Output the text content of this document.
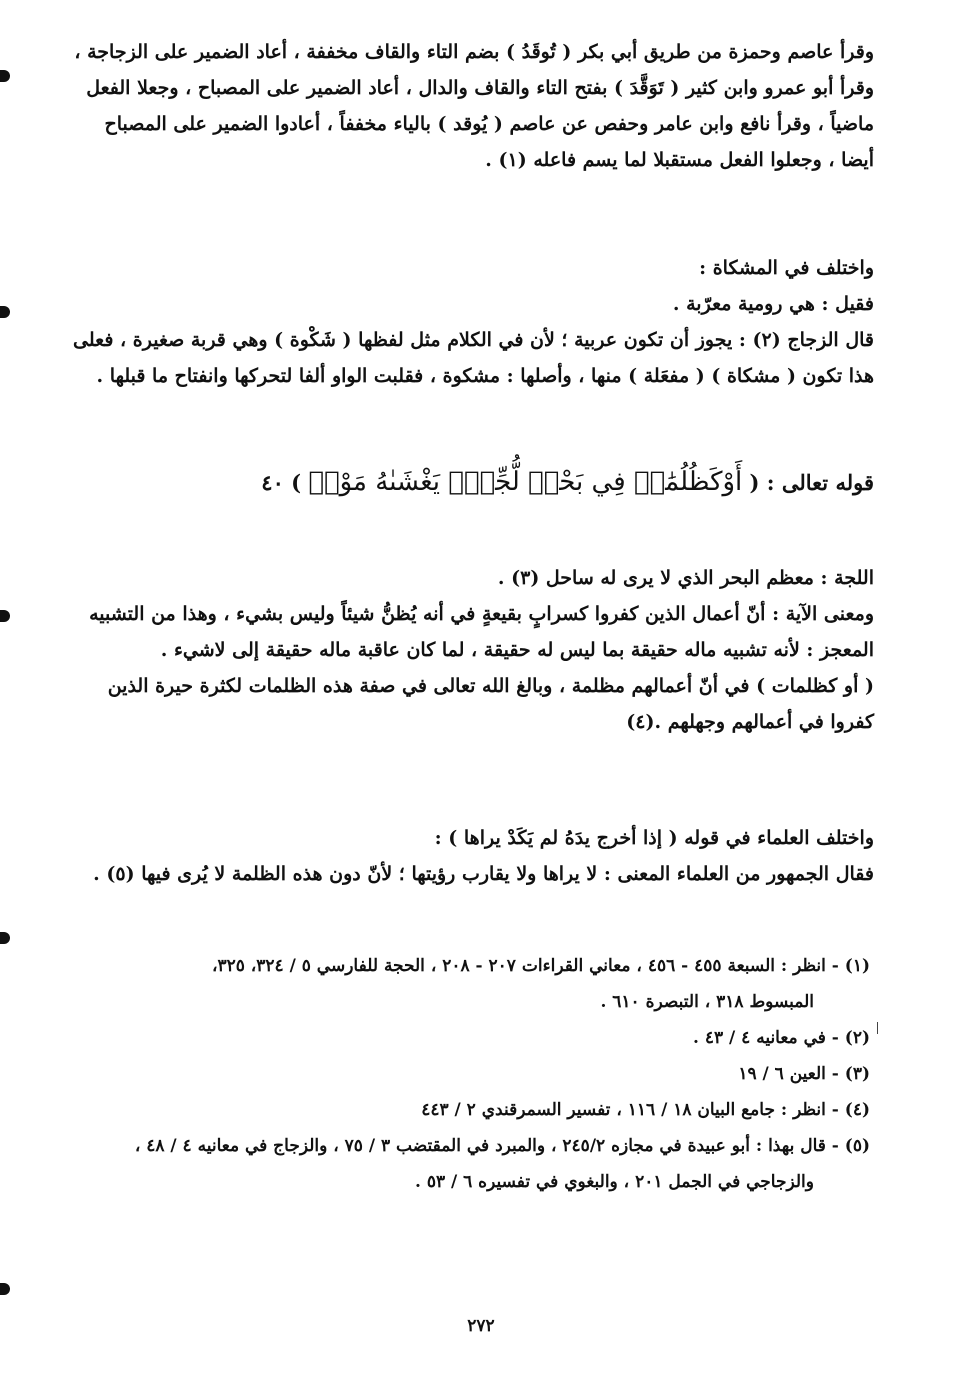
وقرأ عاصم وحمزة من طريق أبي بكر ( تُوقَدُ ) بضم التاء والقاف مخففة ، أعاد الضمير على الزجاجة ،
وقرأ أبو عمرو وابن كثير ( تَوَقَّدَ ) بفتح التاء والقاف والدال ، أعاد الضمير على المصباح ، وجعلا الفعل
ماضياً ، وقرأ نافع وابن عامر وحفص عن عاصم ( يُوقد ) بالياء مخففاً ، أعادوا الضمير على المصباح
أيضا ، وجعلوا الفعل مستقبلا لما يسم فاعله (١) .
واختلف في المشكاة :
فقيل : هي رومية معرّبة .
قال الزجاج (٢) : يجوز أن تكون عربية ؛ لأن في الكلام مثل لفظها ( شَكْوة ) وهي قربة صغيرة ، فعلى
هذا تكون ( مشكاة ) ( مفعَلة ) منها ، وأصلها : مشكوة ، فقلبت الواو ألفا لتحركها وانفتاح ما قبلها .
قوله تعالى : ( أَوْكَظُلُمَٰتٖ فِي بَحْرٖ لُّجِّيّٖ يَغْشَىٰهُ مَوْجٞ ) ٤٠
اللجة : معظم البحر الذي لا يرى له ساحل (٣) .
ومعنى الآية : أنّ أعمال الذين كفروا كسرابٍ بقيعةٍ في أنه يُظنُّ شيئاً وليس بشيء ، وهذا من التشبيه
المعجز : لأنه تشبيه ماله حقيقة بما ليس له حقيقة ، لما كان عاقبة ماله حقيقة إلى لاشيء .
( أو كظلمات ) في أنّ أعمالهم مظلمة ، وبالغ الله تعالى في صفة هذه الظلمات لكثرة حيرة الذين
كفروا في أعمالهم وجهلهم .(٤)
واختلف العلماء في قوله ( إذا أخرج يدَهُ لم يَكَدْ يراها ) :
فقال الجمهور من العلماء المعنى : لا يراها ولا يقارب رؤيتها ؛ لأنّ دون هذه الظلمة لا يُرى فيها (٥) .
(١) - انظر : السبعة ٤٥٥ - ٤٥٦ ، معاني القراءات ٢٠٧ - ٢٠٨ ، الحجة للفارسي ٥ / ٣٢٤، ٣٢٥،
المبسوط ٣١٨ ، التبصرة ٦١٠ .
(٢) - في معانيه ٤ / ٤٣ .
(٣) - العين ٦ / ١٩
(٤) - انظر : جامع البيان ١٨ / ١١٦ ، تفسير السمرقندي ٢ / ٤٤٣
(٥) - قال بهذا : أبو عبيدة في مجازه ٢٤٥/٢ ، والمبرد في المقتضب ٣ / ٧٥ ، والزجاج في معانيه ٤ / ٤٨ ،
والزجاجي في الجمل ٢٠١ ، والبغوي في تفسيره ٦ / ٥٣ .
٢٧٢
